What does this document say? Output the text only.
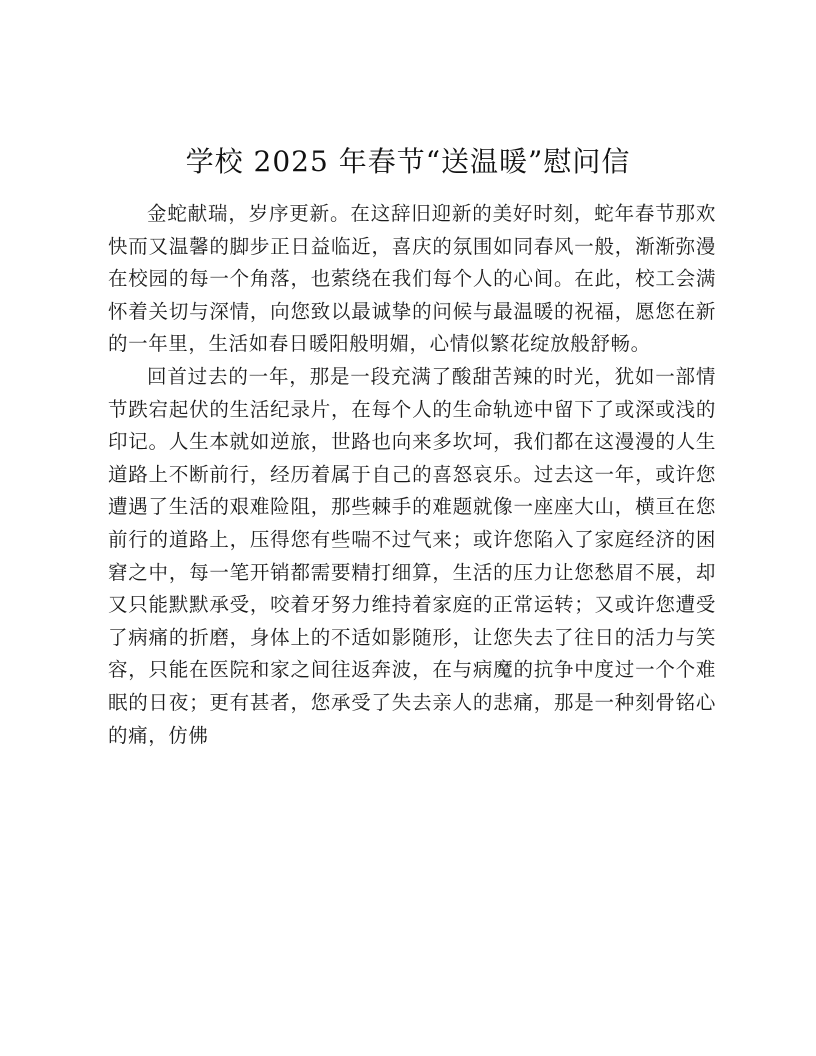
学校 2025 年春节“送温暖”慰问信

金蛇献瑞，岁序更新。在这辞旧迎新的美好时刻，蛇年春节那欢快而又温馨的脚步正日益临近，喜庆的氛围如同春风一般，渐渐弥漫在校园的每一个角落，也萦绕在我们每个人的心间。在此，校工会满怀着关切与深情，向您致以最诚挚的问候与最温暖的祝福，愿您在新的一年里，生活如春日暖阳般明媚，心情似繁花绽放般舒畅。

回首过去的一年，那是一段充满了酸甜苦辣的时光，犹如一部情节跌宕起伏的生活纪录片，在每个人的生命轨迹中留下了或深或浅的印记。人生本就如逆旅，世路也向来多坎坷，我们都在这漫漫的人生道路上不断前行，经历着属于自己的喜怒哀乐。过去这一年，或许您遭遇了生活的艰难险阻，那些棘手的难题就像一座座大山，横亘在您前行的道路上，压得您有些喘不过气来；或许您陷入了家庭经济的困窘之中，每一笔开销都需要精打细算，生活的压力让您愁眉不展，却又只能默默承受，咬着牙努力维持着家庭的正常运转；又或许您遭受了病痛的折磨，身体上的不适如影随形，让您失去了往日的活力与笑容，只能在医院和家之间往返奔波，在与病魔的抗争中度过一个个难眠的日夜；更有甚者，您承受了失去亲人的悲痛，那是一种刻骨铭心的痛，仿佛
